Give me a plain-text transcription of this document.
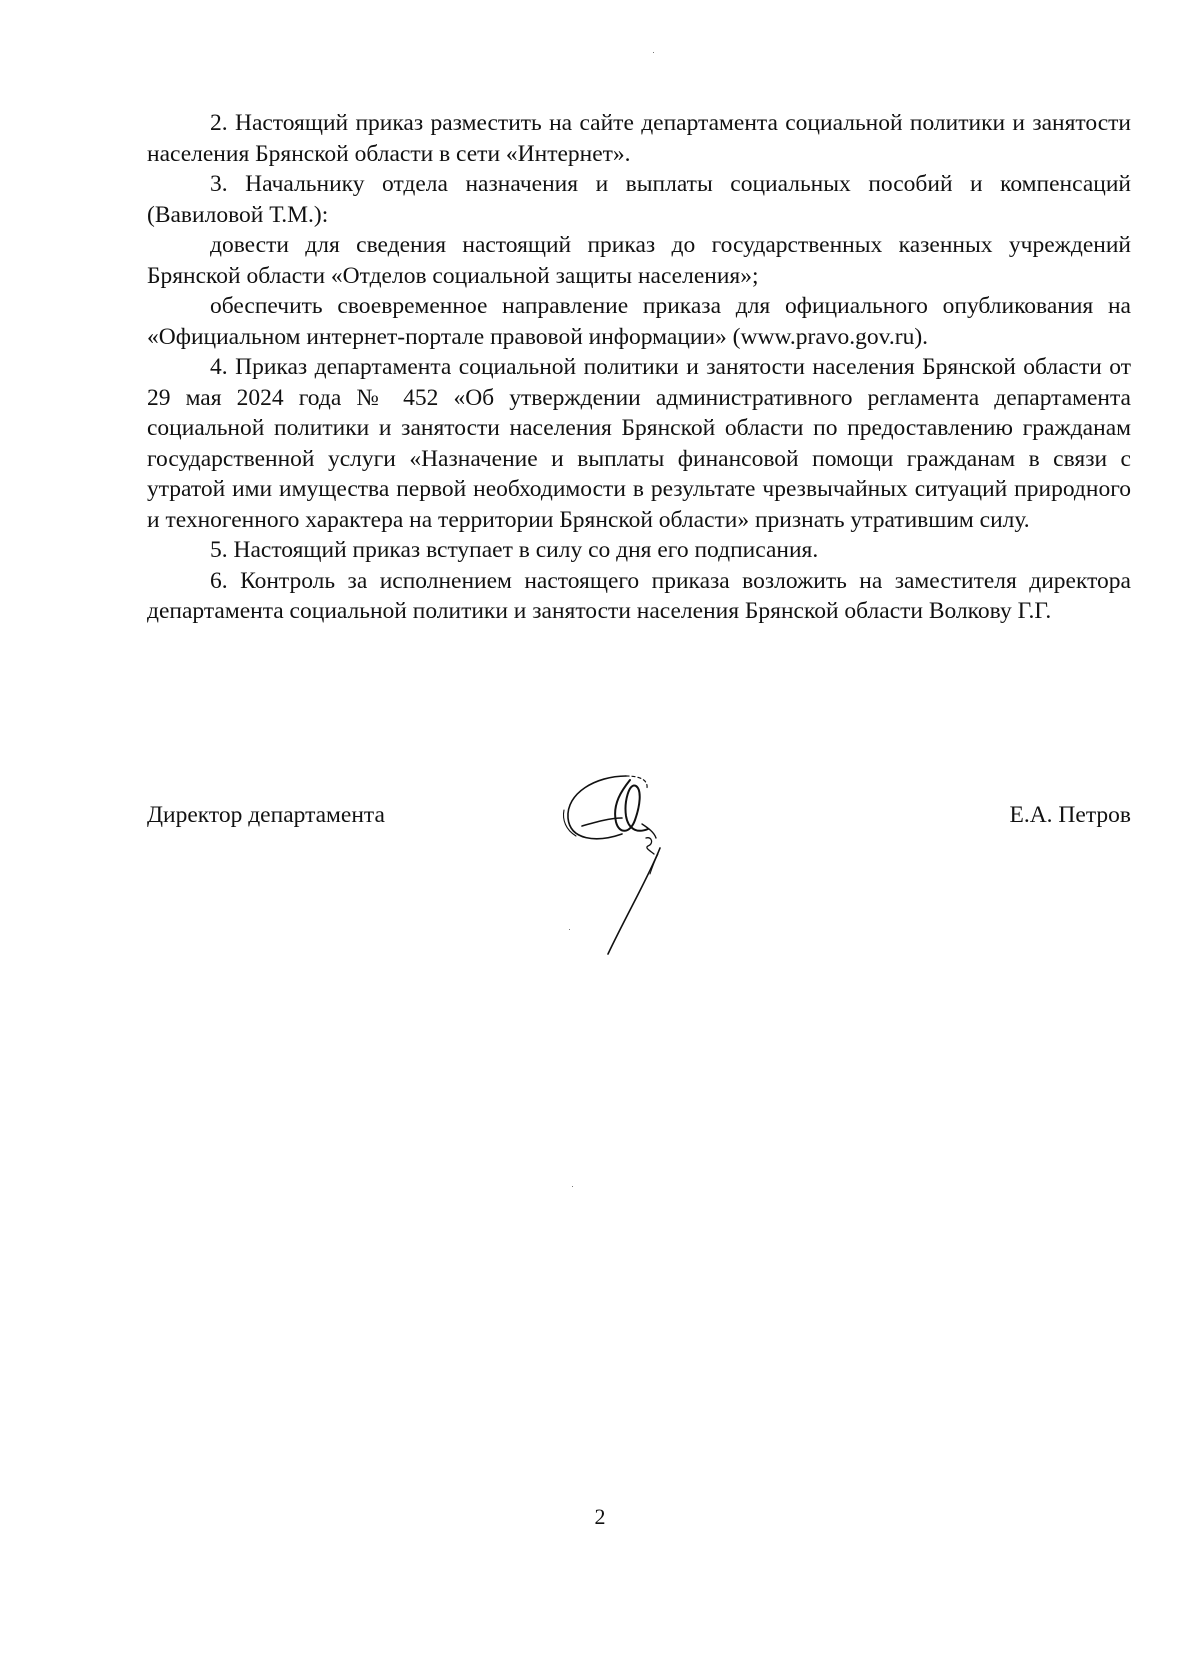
2. Настоящий приказ разместить на сайте департамента социальной политики и занятости населения Брянской области в сети «Интернет».

3. Начальнику отдела назначения и выплаты социальных пособий и компенсаций (Вавиловой Т.М.):

довести для сведения настоящий приказ до государственных казенных учреждений Брянской области «Отделов социальной защиты населения»;

обеспечить своевременное направление приказа для официального опубликования на «Официальном интернет-портале правовой информации» (www.pravo.gov.ru).

4. Приказ департамента социальной политики и занятости населения Брянской области от 29 мая 2024 года № 452 «Об утверждении административного регламента департамента социальной политики и занятости населения Брянской области по предоставлению гражданам государственной услуги «Назначение и выплаты финансовой помощи гражданам в связи с утратой ими имущества первой необходимости в результате чрезвычайных ситуаций природного и техногенного характера на территории Брянской области» признать утратившим силу.

5. Настоящий приказ вступает в силу со дня его подписания.

6. Контроль за исполнением настоящего приказа возложить на заместителя директора департамента социальной политики и занятости населения Брянской области Волкову Г.Г.

Директор департамента	Е.А. Петров
2
